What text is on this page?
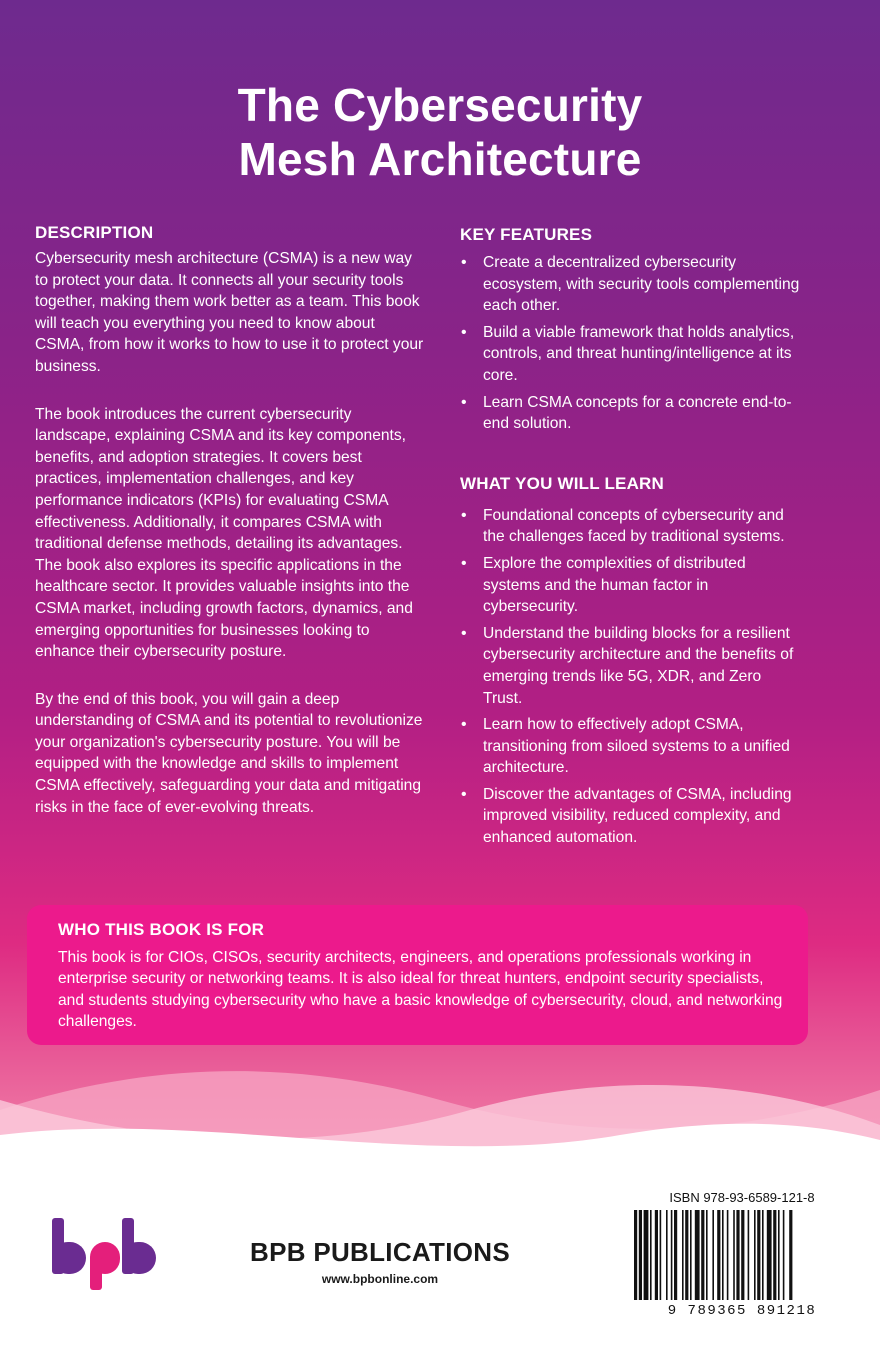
The Cybersecurity
Mesh Architecture
DESCRIPTION

Cybersecurity mesh architecture (CSMA) is a new way to protect your data. It connects all your security tools together, making them work better as a team. This book will teach you everything you need to know about CSMA, from how it works to how to use it to protect your business.

The book introduces the current cybersecurity landscape, explaining CSMA and its key components, benefits, and adoption strategies. It covers best practices, implementation challenges, and key performance indicators (KPIs) for evaluating CSMA effectiveness. Additionally, it compares CSMA with traditional defense methods, detailing its advantages. The book also explores its specific applications in the healthcare sector. It provides valuable insights into the CSMA market, including growth factors, dynamics, and emerging opportunities for businesses looking to enhance their cybersecurity posture.

By the end of this book, you will gain a deep understanding of CSMA and its potential to revolutionize your organization's cybersecurity posture. You will be equipped with the knowledge and skills to implement CSMA effectively, safeguarding your data and mitigating risks in the face of ever-evolving threats.

KEY FEATURES
• Create a decentralized cybersecurity ecosystem, with security tools complementing each other.
• Build a viable framework that holds analytics, controls, and threat hunting/intelligence at its core.
• Learn CSMA concepts for a concrete end-to-end solution.
WHAT YOU WILL LEARN
• Foundational concepts of cybersecurity and the challenges faced by traditional systems.
• Explore the complexities of distributed systems and the human factor in cybersecurity.
• Understand the building blocks for a resilient cybersecurity architecture and the benefits of emerging trends like 5G, XDR, and Zero Trust.
• Learn how to effectively adopt CSMA, transitioning from siloed systems to a unified architecture.
• Discover the advantages of CSMA, including improved visibility, reduced complexity, and enhanced automation.
WHO THIS BOOK IS FOR

This book is for CIOs, CISOs, security architects, engineers, and operations professionals working in enterprise security or networking teams. It is also ideal for threat hunters, endpoint security specialists, and students studying cybersecurity who have a basic knowledge of cybersecurity, cloud, and networking challenges.

BPB PUBLICATIONS
www.bpbonline.com
ISBN 978-93-6589-121-8
9 789365 891218
